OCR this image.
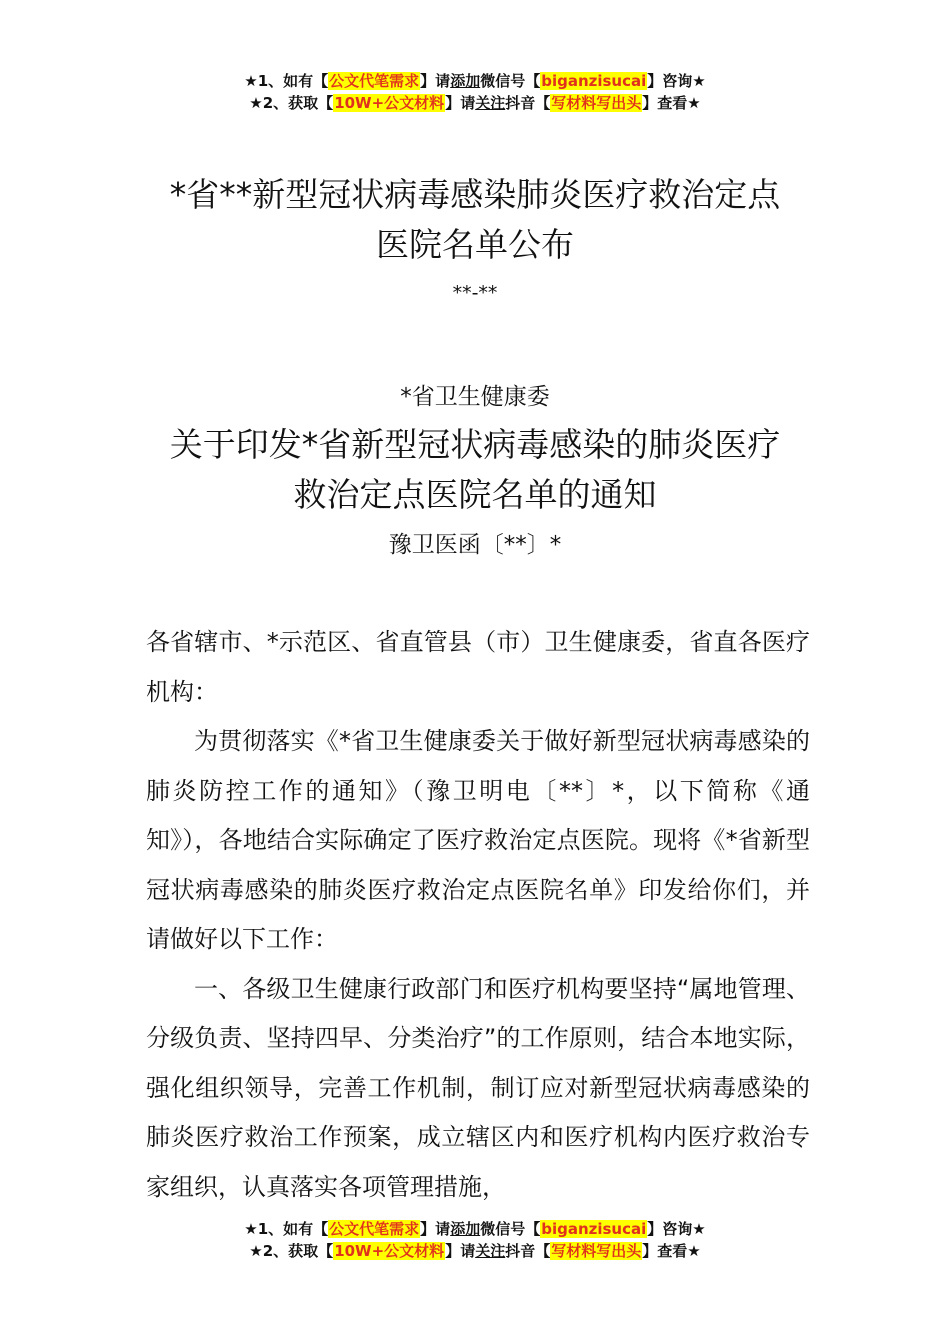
★1、如有【公文代笔需求】请添加微信号【biganzisucai】咨询★
★2、获取【10W+公文材料】请关注抖音【写材料写出头】查看★
*省**新型冠状病毒感染肺炎医疗救治定点
医院名单公布
**-**
*省卫生健康委
关于印发*省新型冠状病毒感染的肺炎医疗
救治定点医院名单的通知
豫卫医函〔**〕*

各省辖市、*示范区、省直管县（市）卫生健康委，省直各医疗机构：

为贯彻落实《*省卫生健康委关于做好新型冠状病毒感染的肺炎防控工作的通知》（豫卫明电〔**〕*，以下简称《通知》），各地结合实际确定了医疗救治定点医院。现将《*省新型冠状病毒感染的肺炎医疗救治定点医院名单》印发给你们，并请做好以下工作：

一、各级卫生健康行政部门和医疗机构要坚持“属地管理、分级负责、坚持四早、分类治疗”的工作原则，结合本地实际，强化组织领导，完善工作机制，制订应对新型冠状病毒感染的肺炎医疗救治工作预案，成立辖区内和医疗机构内医疗救治专家组织，认真落实各项管理措施，

★1、如有【公文代笔需求】请添加微信号【biganzisucai】咨询★
★2、获取【10W+公文材料】请关注抖音【写材料写出头】查看★
